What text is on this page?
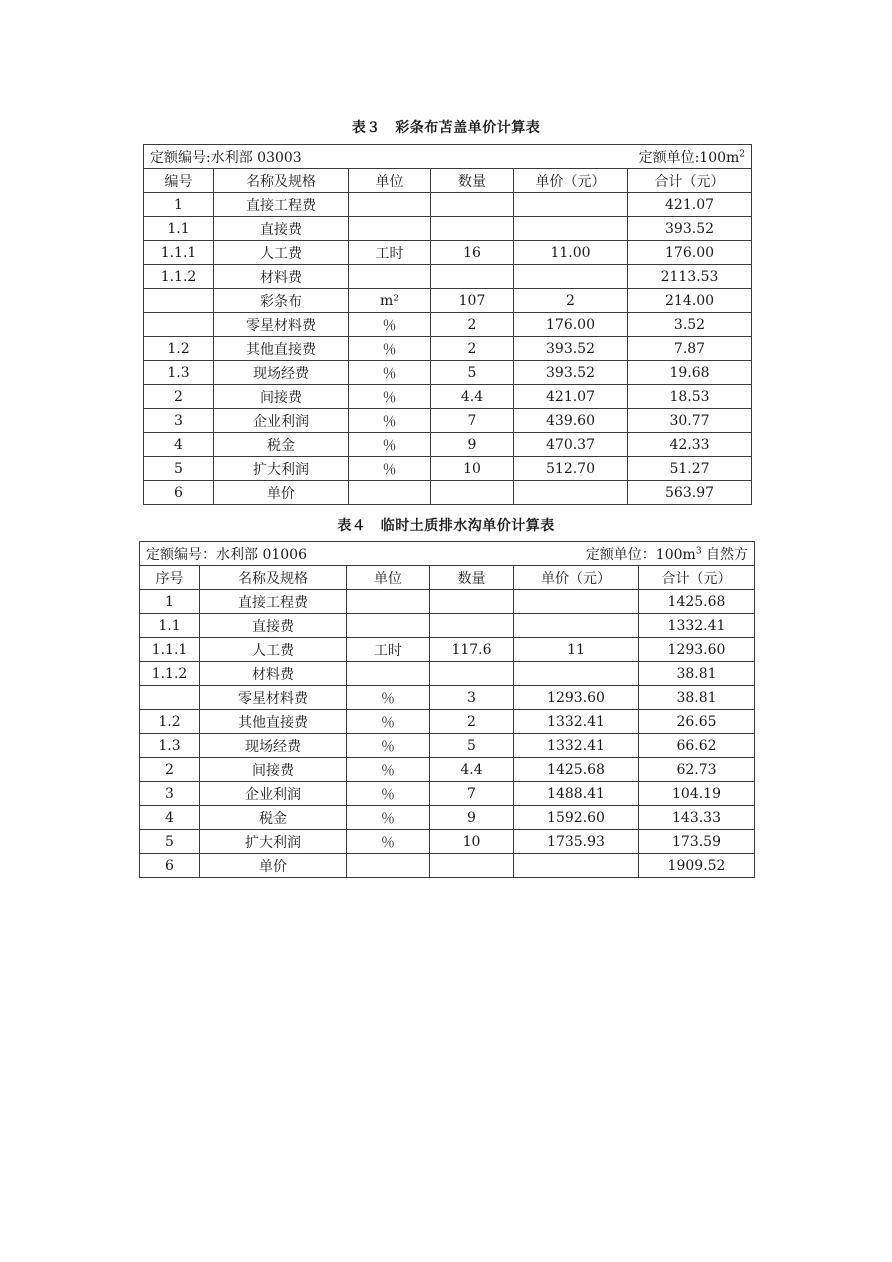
表３　彩条布苫盖单价计算表
定额编号:水利部 03003 定额单位$:100m^2$

编号	名称及规格	单位	数量	单价（元）	合计（元）
1	直接工程费				421.07
1.1	直接费				393.52
1.1.1	人工费	工时	16	11.00	176.00
1.1.2	材料费				2113.53
	彩条布	m²	107	2	214.00
	零星材料费	％	2	176.00	3.52
1.2	其他直接费	％	2	393.52	7.87
1.3	现场经费	％	5	393.52	19.68
2	间接费	％	4.4	421.07	18.53
3	企业利润	％	7	439.60	30.77
4	税金	％	9	470.37	42.33
5	扩大利润	％	10	512.70	51.27
6	单价				563.97
表４　临时土质排水沟单价计算表
定额编号：水利部 01006 定额单位：$100m^3$ 自然方					

序号	名称及规格	单位	数量	单价（元）	合计（元）
1	直接工程费				1425.68
1.1	直接费				1332.41
1.1.1	人工费	工时	117.6	11	1293.60
1.1.2	材料费				38.81
	零星材料费	％	3	1293.60	38.81
1.2	其他直接费	％	2	1332.41	26.65
1.3	现场经费	％	5	1332.41	66.62
2	间接费	％	4.4	1425.68	62.73
3	企业利润	％	7	1488.41	104.19
4	税金	％	9	1592.60	143.33
5	扩大利润	％	10	1735.93	173.59
6	单价				1909.52
